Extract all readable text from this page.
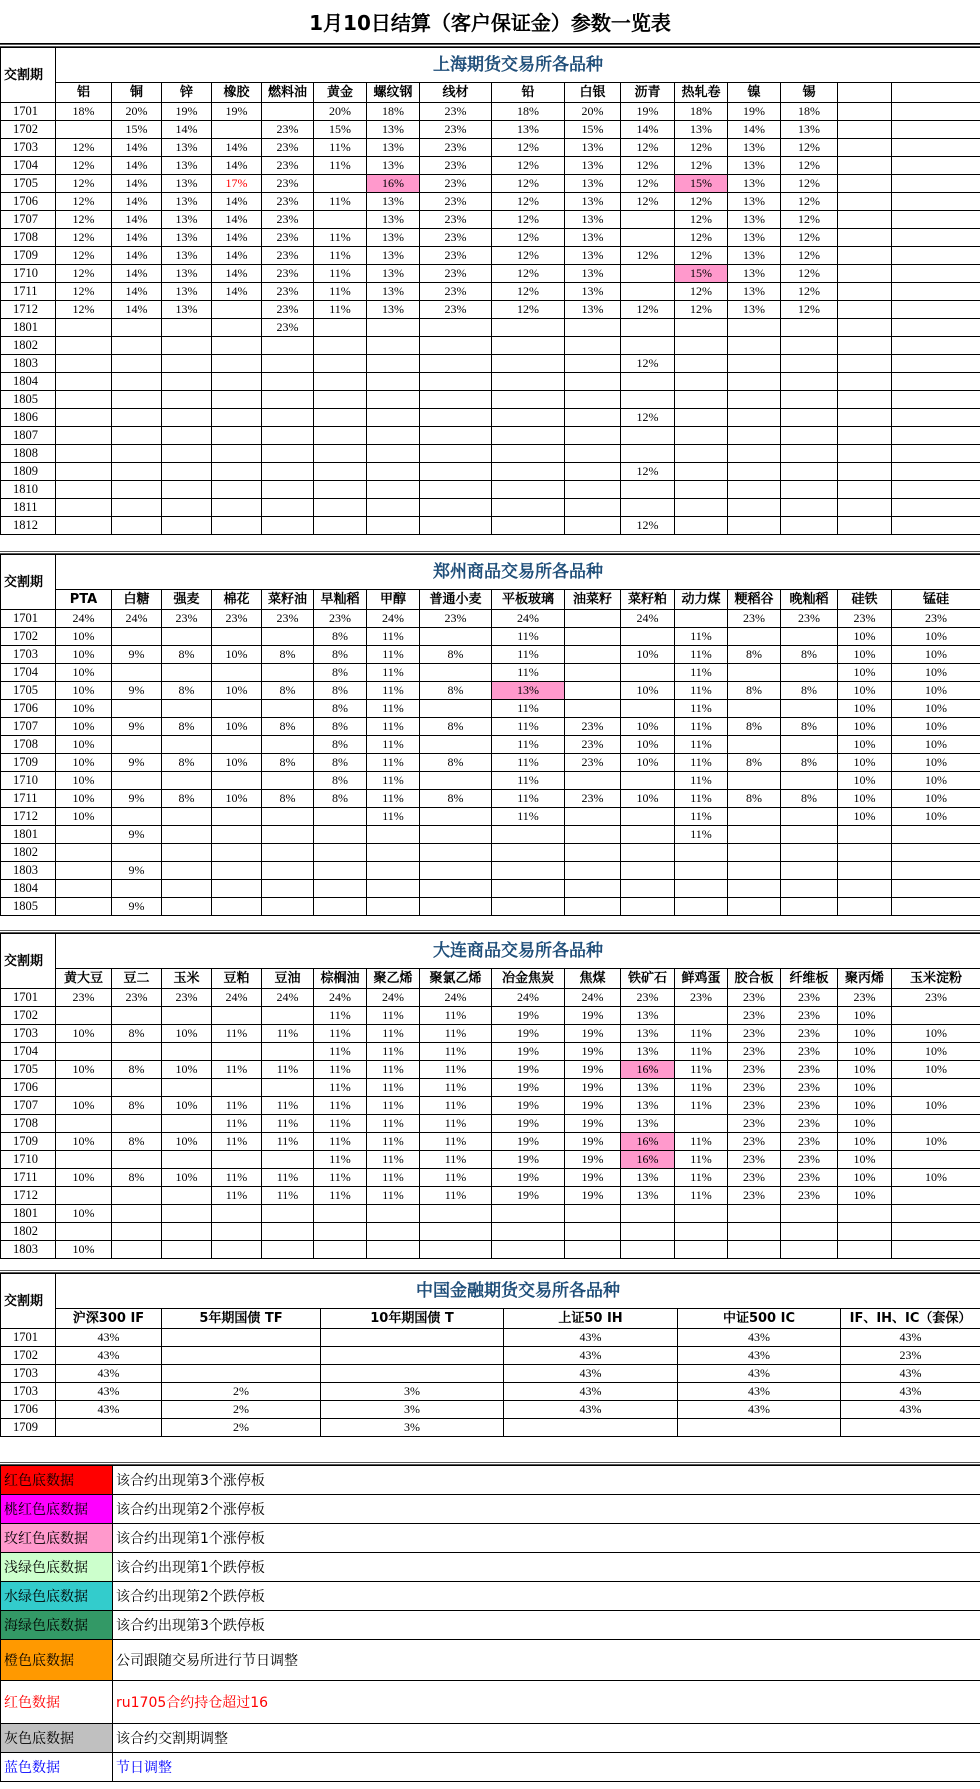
1月10日结算（客户保证金）参数一览表
交割期	上海期货交易所各品种															
	铝	铜	锌	橡胶	燃料油	黄金	螺纹钢	线材	铅	白银	沥青	热轧卷	镍	锡		
1701	18%	20%	19%	19%		20%	18%	23%	18%	20%	19%	18%	19%	18%		
1702		15%	14%		23%	15%	13%	23%	13%	15%	14%	13%	14%	13%		
1703	12%	14%	13%	14%	23%	11%	13%	23%	12%	13%	12%	12%	13%	12%		
1704	12%	14%	13%	14%	23%	11%	13%	23%	12%	13%	12%	12%	13%	12%		
1705	12%	14%	13%	17%	23%		16%	23%	12%	13%	12%	15%	13%	12%		
1706	12%	14%	13%	14%	23%	11%	13%	23%	12%	13%	12%	12%	13%	12%		
1707	12%	14%	13%	14%	23%		13%	23%	12%	13%		12%	13%	12%		
1708	12%	14%	13%	14%	23%	11%	13%	23%	12%	13%		12%	13%	12%		
1709	12%	14%	13%	14%	23%	11%	13%	23%	12%	13%	12%	12%	13%	12%		
1710	12%	14%	13%	14%	23%	11%	13%	23%	12%	13%		15%	13%	12%		
1711	12%	14%	13%	14%	23%	11%	13%	23%	12%	13%		12%	13%	12%		
1712	12%	14%	13%		23%	11%	13%	23%	12%	13%	12%	12%	13%	12%		
1801					23%											
1802																
1803											12%					
1804																
1805																
1806											12%					
1807																
1808																
1809											12%					
1810																
1811																
1812											12%					
交割期	郑州商品交易所各品种															
	PTA	白糖	强麦	棉花	菜籽油	早籼稻	甲醇	普通小麦	平板玻璃	油菜籽	菜籽粕	动力煤	粳稻谷	晚籼稻	硅铁	锰硅
1701	24%	24%	23%	23%	23%	23%	24%	23%	24%		24%		23%	23%	23%	23%
1702	10%					8%	11%		11%			11%			10%	10%
1703	10%	9%	8%	10%	8%	8%	11%	8%	11%		10%	11%	8%	8%	10%	10%
1704	10%					8%	11%		11%			11%			10%	10%
1705	10%	9%	8%	10%	8%	8%	11%	8%	13%		10%	11%	8%	8%	10%	10%
1706	10%					8%	11%		11%			11%			10%	10%
1707	10%	9%	8%	10%	8%	8%	11%	8%	11%	23%	10%	11%	8%	8%	10%	10%
1708	10%					8%	11%		11%	23%	10%	11%			10%	10%
1709	10%	9%	8%	10%	8%	8%	11%	8%	11%	23%	10%	11%	8%	8%	10%	10%
1710	10%					8%	11%		11%			11%			10%	10%
1711	10%	9%	8%	10%	8%	8%	11%	8%	11%	23%	10%	11%	8%	8%	10%	10%
1712	10%						11%		11%			11%			10%	10%
1801		9%										11%				
1802																
1803		9%														
1804																
1805		9%														
交割期	大连商品交易所各品种															
	黄大豆	豆二	玉米	豆粕	豆油	棕榈油	聚乙烯	聚氯乙烯	冶金焦炭	焦煤	铁矿石	鲜鸡蛋	胶合板	纤维板	聚丙烯	玉米淀粉
1701	23%	23%	23%	24%	24%	24%	24%	24%	24%	24%	23%	23%	23%	23%	23%	23%
1702						11%	11%	11%	19%	19%	13%		23%	23%	10%	
1703	10%	8%	10%	11%	11%	11%	11%	11%	19%	19%	13%	11%	23%	23%	10%	10%
1704						11%	11%	11%	19%	19%	13%	11%	23%	23%	10%	10%
1705	10%	8%	10%	11%	11%	11%	11%	11%	19%	19%	16%	11%	23%	23%	10%	10%
1706						11%	11%	11%	19%	19%	13%	11%	23%	23%	10%	
1707	10%	8%	10%	11%	11%	11%	11%	11%	19%	19%	13%	11%	23%	23%	10%	10%
1708				11%	11%	11%	11%	11%	19%	19%	13%		23%	23%	10%	
1709	10%	8%	10%	11%	11%	11%	11%	11%	19%	19%	16%	11%	23%	23%	10%	10%
1710						11%	11%	11%	19%	19%	16%	11%	23%	23%	10%	
1711	10%	8%	10%	11%	11%	11%	11%	11%	19%	19%	13%	11%	23%	23%	10%	10%
1712				11%	11%	11%	11%	11%	19%	19%	13%	11%	23%	23%	10%	
1801	10%															
1802																
1803	10%															
交割期	中国金融期货交易所各品种					
	沪深300 IF	5年期国债 TF	10年期国债 T	上证50 IH	中证500 IC	IF、IH、IC（套保）
1701	43%			43%	43%	43%
1702	43%			43%	43%	23%
1703	43%			43%	43%	43%
1703	43%	2%	3%	43%	43%	43%
1706	43%	2%	3%	43%	43%	43%
1709		2%	3%			
红色底数据	该合约出现第3个涨停板
桃红色底数据	该合约出现第2个涨停板
玫红色底数据	该合约出现第1个涨停板
浅绿色底数据	该合约出现第1个跌停板
水绿色底数据	该合约出现第2个跌停板
海绿色底数据	该合约出现第3个跌停板
橙色底数据	公司跟随交易所进行节日调整
红色数据	ru1705合约持仓超过16
灰色底数据	该合约交割期调整
蓝色数据	节日调整
